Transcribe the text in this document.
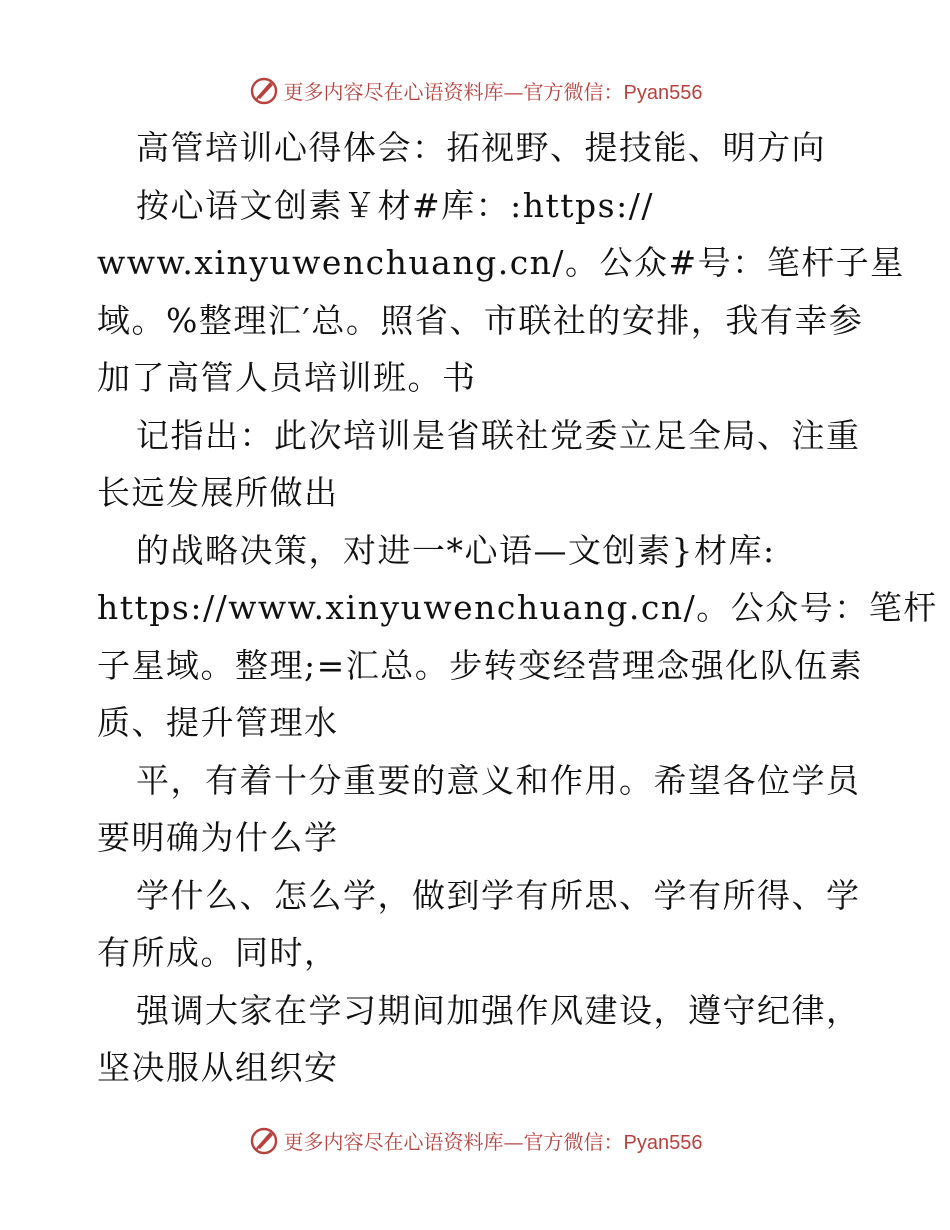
更多内容尽在心语资料库—官方微信：Pyan556
高管培训心得体会：拓视野、提技能、明方向
按心语文创素￥材#库：:https://
www.xinyuwenchuang.cn/。公众#号：笔杆子星
域。%整理汇′总。照省、市联社的安排，我有幸参
加了高管人员培训班。书
记指出：此次培训是省联社党委立足全局、注重
长远发展所做出
的战略决策，对进一*心语—文创素}材库:
https://www.xinyuwenchuang.cn/。公众号：笔杆
子星域。整理;=汇总。步转变经营理念强化队伍素
质、提升管理水
平，有着十分重要的意义和作用。希望各位学员
要明确为什么学
学什么、怎么学，做到学有所思、学有所得、学
有所成。同时，
强调大家在学习期间加强作风建设，遵守纪律，
坚决服从组织安
更多内容尽在心语资料库—官方微信：Pyan556
